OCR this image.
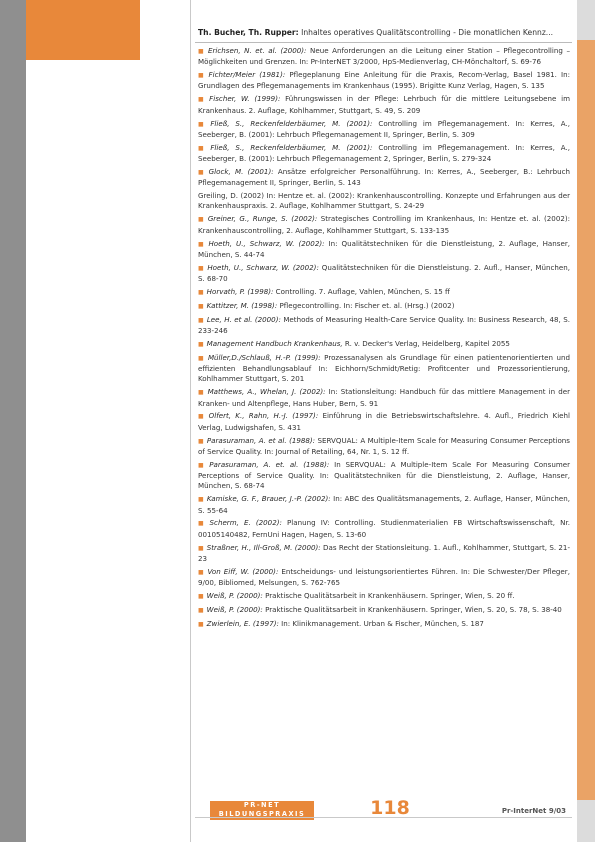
Th. Bucher, Th. Rupper: Inhaltes operatives Qualitätscontrolling - Die monatlichen Kennz...
■ Erichsen, N. et. al. (2000): Neue Anforderungen an die Leitung einer Station – Pflegecontrolling – Möglichkeiten und Grenzen. In: Pr-InterNET 3/2000, HpS-Medienverlag, CH-Mönchaltorf, S. 69-76
■ Fichter/Meier (1981): Pflegeplanung Eine Anleitung für die Praxis, Recom-Verlag, Basel 1981. In: Grundlagen des Pflegemanagements im Krankenhaus (1995). Brigitte Kunz Verlag, Hagen, S. 135
■ Fischer, W. (1999): Führungswissen in der Pflege: Lehrbuch für die mittlere Leitungsebene im Krankenhaus. 2. Auflage, Kohlhammer, Stuttgart, S. 49, S. 209
■ Fließ, S., Reckenfelderbäumer, M. (2001): Controlling im Pflegemanagement. In: Kerres, A., Seeberger, B. (2001): Lehrbuch Pflegemanagement II, Springer, Berlin, S. 309
■ Fließ, S., Reckenfelderbäumer, M. (2001): Controlling im Pflegemanagement. In: Kerres, A., Seeberger, B. (2001): Lehrbuch Pflegemanagement 2, Springer, Berlin, S. 279-324
■ Glock, M. (2001): Ansätze erfolgreicher Personalführung. In: Kerres, A., Seeberger, B.: Lehrbuch Pflegemanagement II, Springer, Berlin, S. 143
Greiling, D. (2002) In: Hentze et. al. (2002): Krankenhauscontrolling. Konzepte und Erfahrungen aus der Krankenhauspraxis. 2. Auflage, Kohlhammer Stuttgart, S. 24-29
■ Greiner, G., Runge, S. (2002): Strategisches Controlling im Krankenhaus, In: Hentze et. al. (2002): Krankenhauscontrolling, 2. Auflage, Kohlhammer Stuttgart, S. 133-135
■ Hoeth, U., Schwarz, W. (2002): In: Qualitätstechniken für die Dienstleistung, 2. Auflage, Hanser, München, S. 44-74
■ Hoeth, U., Schwarz, W. (2002): Qualitätstechniken für die Dienstleistung. 2. Aufl., Hanser, München, S. 68-70
■ Horvath, P. (1998): Controlling. 7. Auflage, Vahlen, München, S. 15 ff
■ Kattitzer, M. (1998): Pflegecontrolling. In: Fischer et. al. (Hrsg.) (2002)
■ Lee, H. et al. (2000): Methods of Measuring Health-Care Service Quality. In: Business Research, 48, S. 233-246
■ Management Handbuch Krankenhaus, R. v. Decker's Verlag, Heidelberg, Kapitel 2055
■ Müller,D./Schlauß, H.-P. (1999): Prozessanalysen als Grundlage für einen patientenorientierten und effizienten Behandlungsablauf In: Eichhorn/Schmidt/Retig: Profitcenter und Prozessorientierung, Kohlhammer Stuttgart, S. 201
■ Matthews, A., Whelan, J. (2002): In: Stationsleitung: Handbuch für das mittlere Management in der Kranken- und Altenpflege, Hans Huber, Bern, S. 91
■ Olfert, K., Rahn, H.-J. (1997): Einführung in die Betriebswirtschaftslehre. 4. Aufl., Friedrich Kiehl Verlag, Ludwigshafen, S. 431
■ Parasuraman, A. et al. (1988): SERVQUAL: A Multiple-Item Scale for Measuring Consumer Perceptions of Service Quality. In: Journal of Retailing, 64, Nr. 1, S. 12 ff.
■ Parasuraman, A. et. al. (1988): In SERVQUAL: A Multiple-Item Scale For Measuring Consumer Perceptions of Service Quality. In: Qualitätstechniken für die Dienstleistung, 2. Auflage, Hanser, München, S. 68-74
■ Kamiske, G. F., Brauer, J.-P. (2002): In: ABC des Qualitätsmanagements, 2. Auflage, Hanser, München, S. 55-64
■ Scherm, E. (2002): Planung IV: Controlling. Studienmaterialien FB Wirtschaftswissenschaft, Nr. 00105140482, FernUni Hagen, Hagen, S. 13-60
■ Straßner, H., Ill-Groß, M. (2000): Das Recht der Stationsleitung. 1. Aufl., Kohlhammer, Stuttgart, S. 21-23
■ Von Eiff, W. (2000): Entscheidungs- und leistungsorientiertes Führen. In: Die Schwester/Der Pfleger, 9/00, Bibliomed, Melsungen, S. 762-765
■ Weiß, P. (2000): Praktische Qualitätsarbeit in Krankenhäusern. Springer, Wien, S. 20 ff.
■ Weiß, P. (2000): Praktische Qualitätsarbeit in Krankenhäusern. Springer, Wien, S. 20, S. 78, S. 38-40
■ Zwierlein, E. (1997): In: Klinikmanagement. Urban & Fischer, München, S. 187
PR-NET
BILDUNGSPRAXIS	118	Pr-InterNet 9/03
